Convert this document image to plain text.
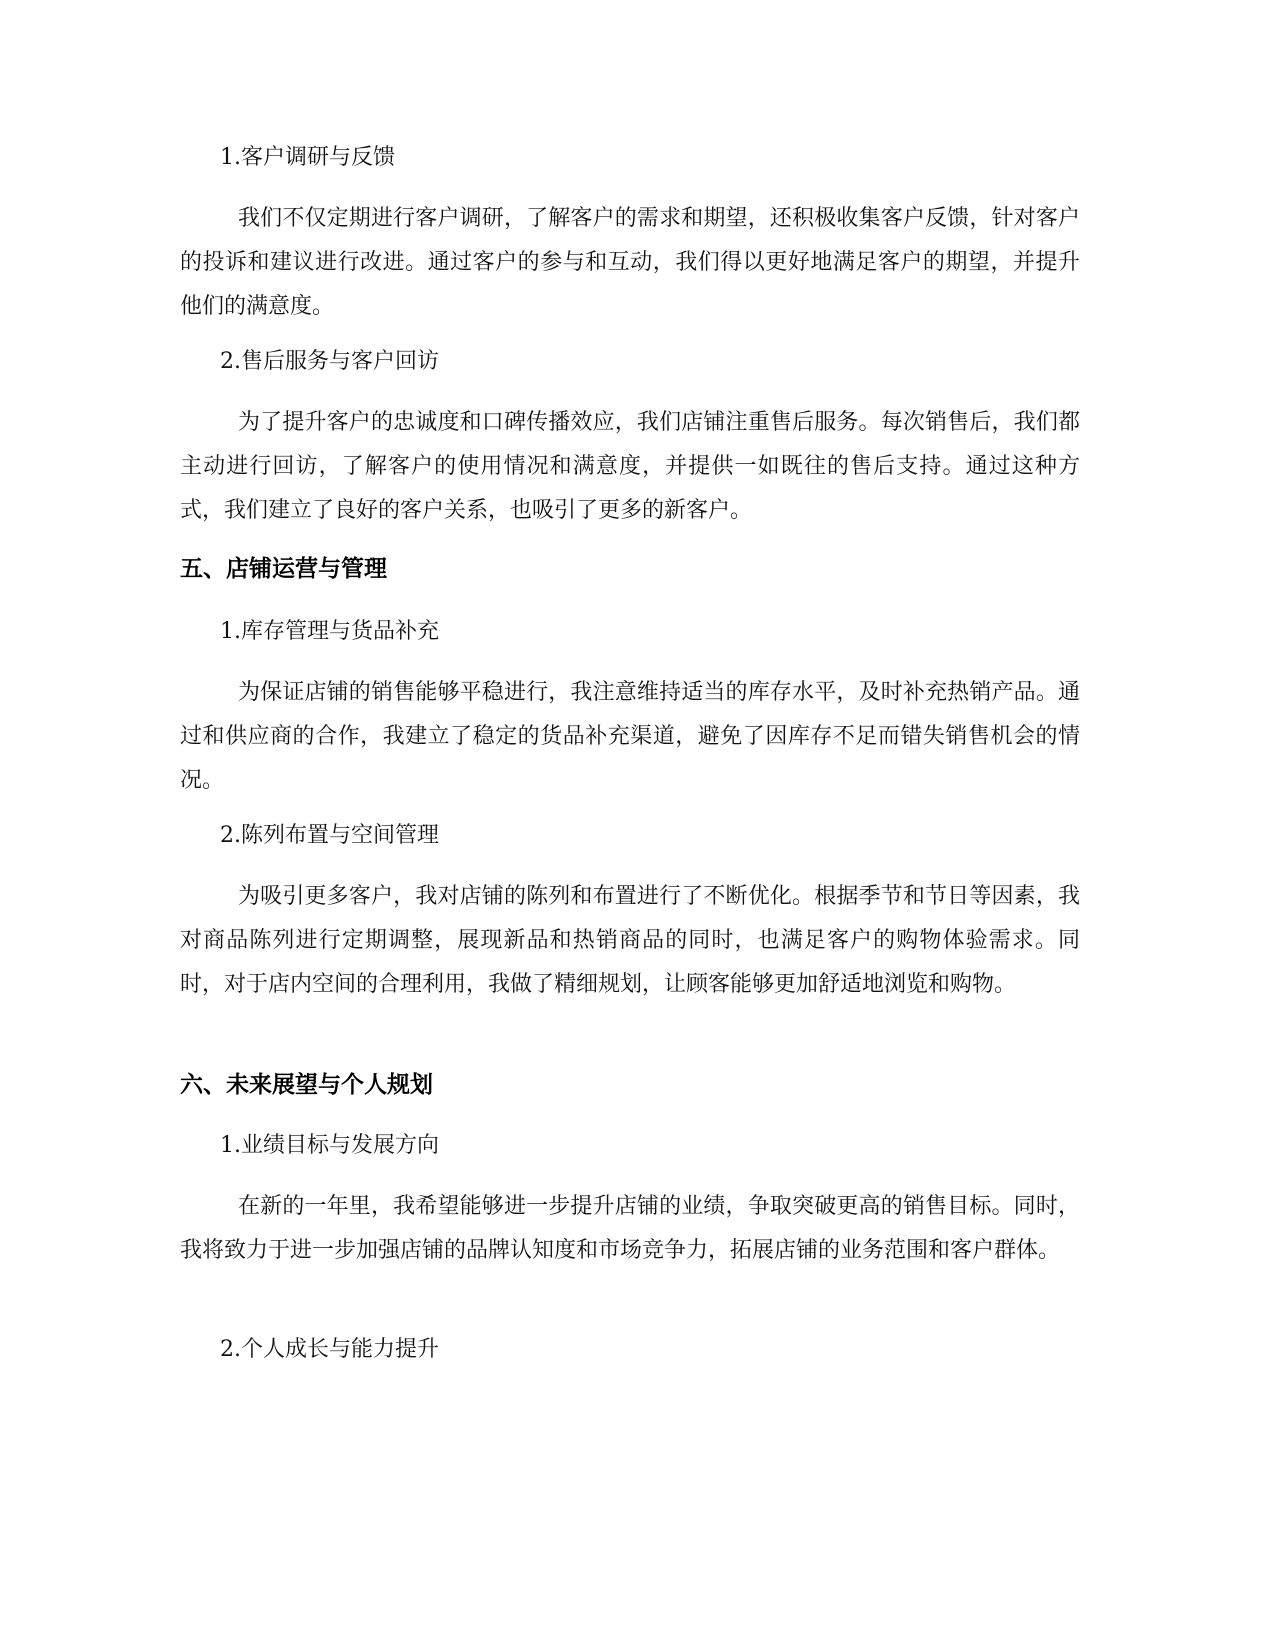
1.客户调研与反馈

我们不仅定期进行客户调研，了解客户的需求和期望，还积极收集客户反馈，针对客户的投诉和建议进行改进。通过客户的参与和互动，我们得以更好地满足客户的期望，并提升他们的满意度。

2.售后服务与客户回访

为了提升客户的忠诚度和口碑传播效应，我们店铺注重售后服务。每次销售后，我们都主动进行回访，了解客户的使用情况和满意度，并提供一如既往的售后支持。通过这种方式，我们建立了良好的客户关系，也吸引了更多的新客户。

五、店铺运营与管理

1.库存管理与货品补充

为保证店铺的销售能够平稳进行，我注意维持适当的库存水平，及时补充热销产品。通过和供应商的合作，我建立了稳定的货品补充渠道，避免了因库存不足而错失销售机会的情况。

2.陈列布置与空间管理

为吸引更多客户，我对店铺的陈列和布置进行了不断优化。根据季节和节日等因素，我对商品陈列进行定期调整，展现新品和热销商品的同时，也满足客户的购物体验需求。同时，对于店内空间的合理利用，我做了精细规划，让顾客能够更加舒适地浏览和购物。

六、未来展望与个人规划

1.业绩目标与发展方向

在新的一年里，我希望能够进一步提升店铺的业绩，争取突破更高的销售目标。同时，我将致力于进一步加强店铺的品牌认知度和市场竞争力，拓展店铺的业务范围和客户群体。

2.个人成长与能力提升
